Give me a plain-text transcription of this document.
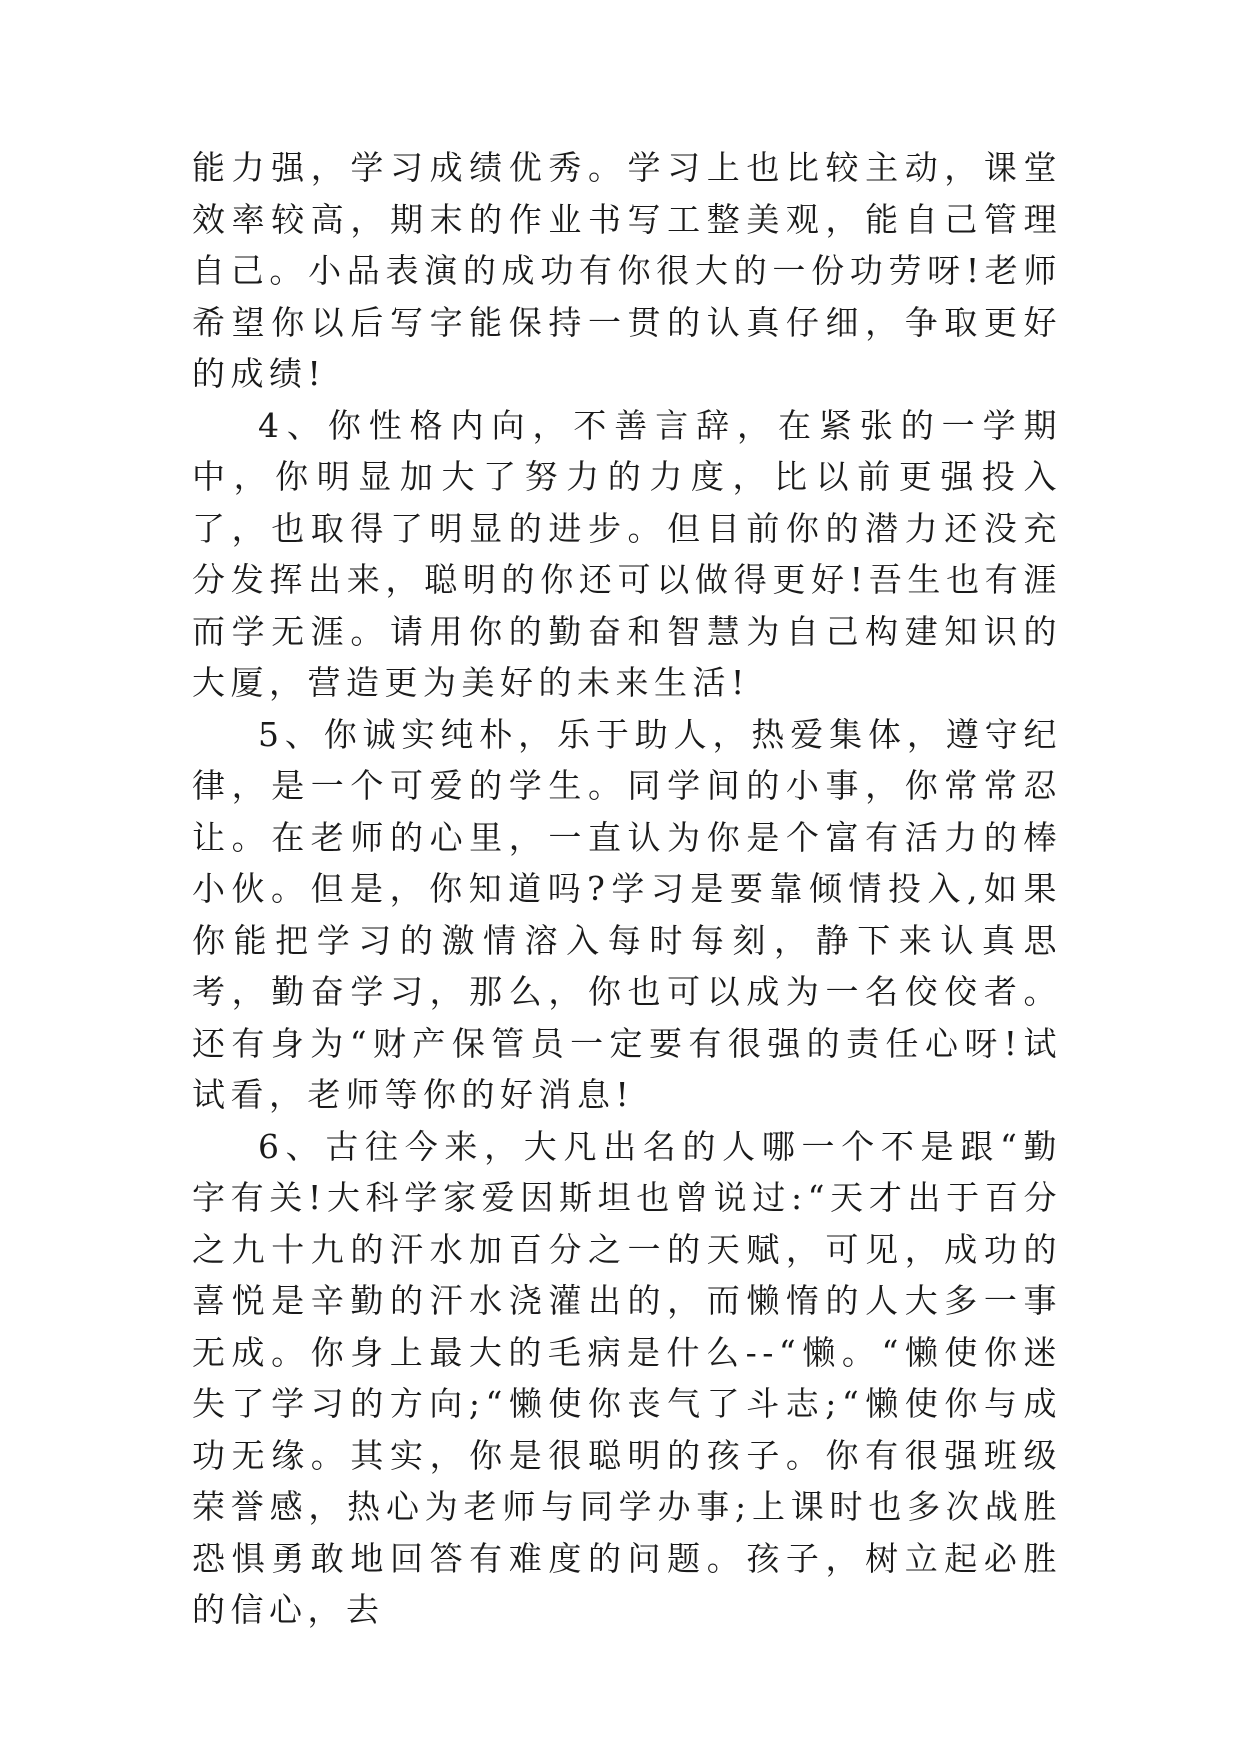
能力强，学习成绩优秀。学习上也比较主动，课堂效率较高，期末的作业书写工整美观，能自己管理自己。小品表演的成功有你很大的一份功劳呀!老师希望你以后写字能保持一贯的认真仔细，争取更好的成绩!

4、你性格内向，不善言辞，在紧张的一学期中，你明显加大了努力的力度，比以前更强投入了，也取得了明显的进步。但目前你的潜力还没充分发挥出来，聪明的你还可以做得更好!吾生也有涯而学无涯。请用你的勤奋和智慧为自己构建知识的大厦，营造更为美好的未来生活!

5、你诚实纯朴，乐于助人，热爱集体，遵守纪律，是一个可爱的学生。同学间的小事，你常常忍让。在老师的心里，一直认为你是个富有活力的棒小伙。但是，你知道吗?学习是要靠倾情投入,如果你能把学习的激情溶入每时每刻，静下来认真思考，勤奋学习，那么，你也可以成为一名佼佼者。还有身为“财产保管员一定要有很强的责任心呀!试试看，老师等你的好消息!

6、古往今来，大凡出名的人哪一个不是跟“勤字有关!大科学家爱因斯坦也曾说过:“天才出于百分之九十九的汗水加百分之一的天赋，可见，成功的喜悦是辛勤的汗水浇灌出的，而懒惰的人大多一事无成。你身上最大的毛病是什么--“懒。“懒使你迷失了学习的方向;“懒使你丧气了斗志;“懒使你与成功无缘。其实，你是很聪明的孩子。你有很强班级荣誉感，热心为老师与同学办事;上课时也多次战胜恐惧勇敢地回答有难度的问题。孩子，树立起必胜的信心，去
